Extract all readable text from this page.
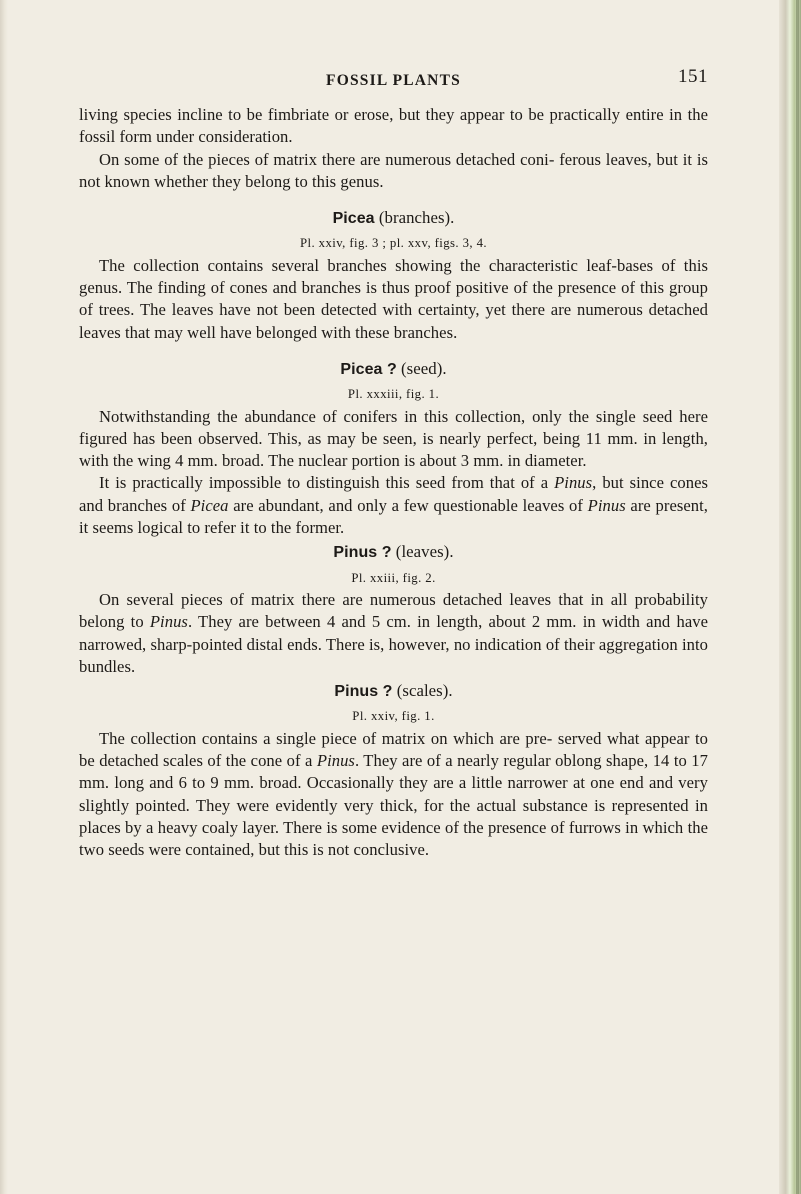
FOSSIL PLANTS	151

living species incline to be fimbriate or erose, but they appear to be practically entire in the fossil form under consideration.

On some of the pieces of matrix there are numerous detached coni- ferous leaves, but it is not known whether they belong to this genus.

Picea (branches).
Pl. xxiv, fig. 3 ; pl. xxv, figs. 3, 4.

The collection contains several branches showing the characteristic leaf-bases of this genus. The finding of cones and branches is thus proof positive of the presence of this group of trees. The leaves have not been detected with certainty, yet there are numerous detached leaves that may well have belonged with these branches.

Picea ? (seed).
Pl. xxxiii, fig. 1.

Notwithstanding the abundance of conifers in this collection, only the single seed here figured has been observed. This, as may be seen, is nearly perfect, being 11 mm. in length, with the wing 4 mm. broad. The nuclear portion is about 3 mm. in diameter.

It is practically impossible to distinguish this seed from that of a Pinus, but since cones and branches of Picea are abundant, and only a few questionable leaves of Pinus are present, it seems logical to refer it to the former.

Pinus ? (leaves).
Pl. xxiii, fig. 2.

On several pieces of matrix there are numerous detached leaves that in all probability belong to Pinus. They are between 4 and 5 cm. in length, about 2 mm. in width and have narrowed, sharp-pointed distal ends. There is, however, no indication of their aggregation into bundles.

Pinus ? (scales).
Pl. xxiv, fig. 1.

The collection contains a single piece of matrix on which are pre- served what appear to be detached scales of the cone of a Pinus. They are of a nearly regular oblong shape, 14 to 17 mm. long and 6 to 9 mm. broad. Occasionally they are a little narrower at one end and very slightly pointed. They were evidently very thick, for the actual substance is represented in places by a heavy coaly layer. There is some evidence of the presence of furrows in which the two seeds were contained, but this is not conclusive.
